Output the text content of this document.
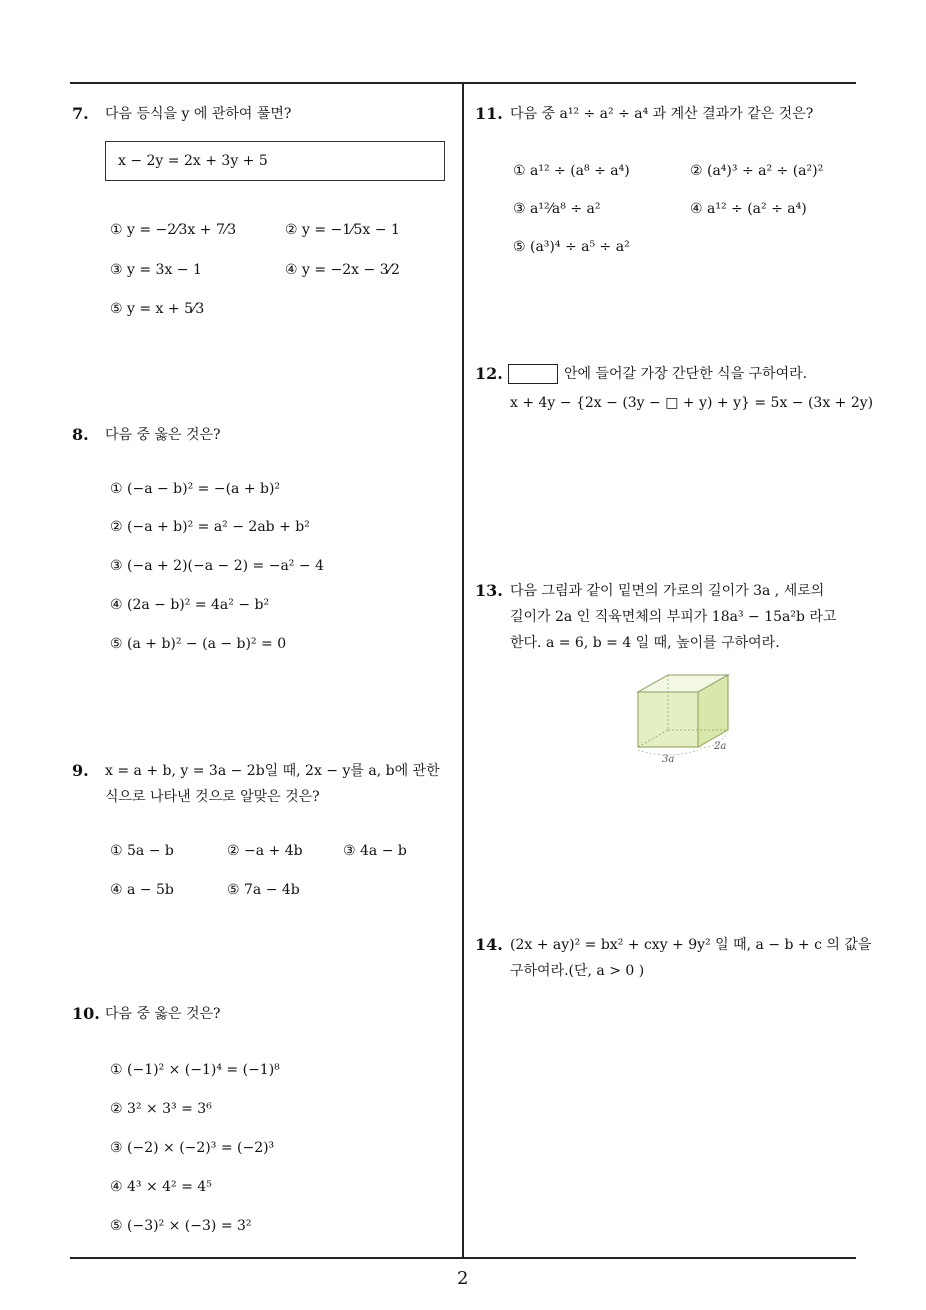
7. 다음 등식을 y 에 관하여 풀면?
x − 2y = 2x + 3y + 5
① y = −2⁄3x + 7⁄3	② y = −1⁄5x − 1
③ y = 3x − 1	④ y = −2x − 3⁄2
⑤ y = x + 5⁄3
8. 다음 중 옳은 것은?
① (−a − b)² = −(a + b)²
② (−a + b)² = a² − 2ab + b²
③ (−a + 2)(−a − 2) = −a² − 4
④ (2a − b)² = 4a² − b²
⑤ (a + b)² − (a − b)² = 0
9. x = a + b, y = 3a − 2b일 때, 2x − y를 a, b에 관한
식으로 나타낸 것으로 알맞은 것은?
① 5a − b	② −a + 4b	③ 4a − b
④ a − 5b	⑤ 7a − 4b
10. 다음 중 옳은 것은?
① (−1)² × (−1)⁴ = (−1)⁸
② 3² × 3³ = 3⁶
③ (−2) × (−2)³ = (−2)³
④ 4³ × 4² = 4⁵
⑤ (−3)² × (−3) = 3²
11. 다음 중 a¹² ÷ a² ÷ a⁴ 과 계산 결과가 같은 것은?
① a¹² ÷ (a⁸ ÷ a⁴)	② (a⁴)³ ÷ a² ÷ (a²)²
③ a¹²⁄a⁸ ÷ a²	④ a¹² ÷ (a² ÷ a⁴)
⑤ (a³)⁴ ÷ a⁵ ÷ a²
12.	안에 들어갈 가장 간단한 식을 구하여라.
x + 4y − {2x − (3y − □ + y) + y} = 5x − (3x + 2y)
13. 다음 그림과 같이 밑면의 가로의 길이가 3a , 세로의
길이가 2a 인 직육면체의 부피가 18a³ − 15a²b 라고
한다. a = 6, b = 4 일 때, 높이를 구하여라.
3a
2a
14. (2x + ay)² = bx² + cxy + 9y² 일 때, a − b + c 의 값을
구하여라.(단, a > 0 )
2
